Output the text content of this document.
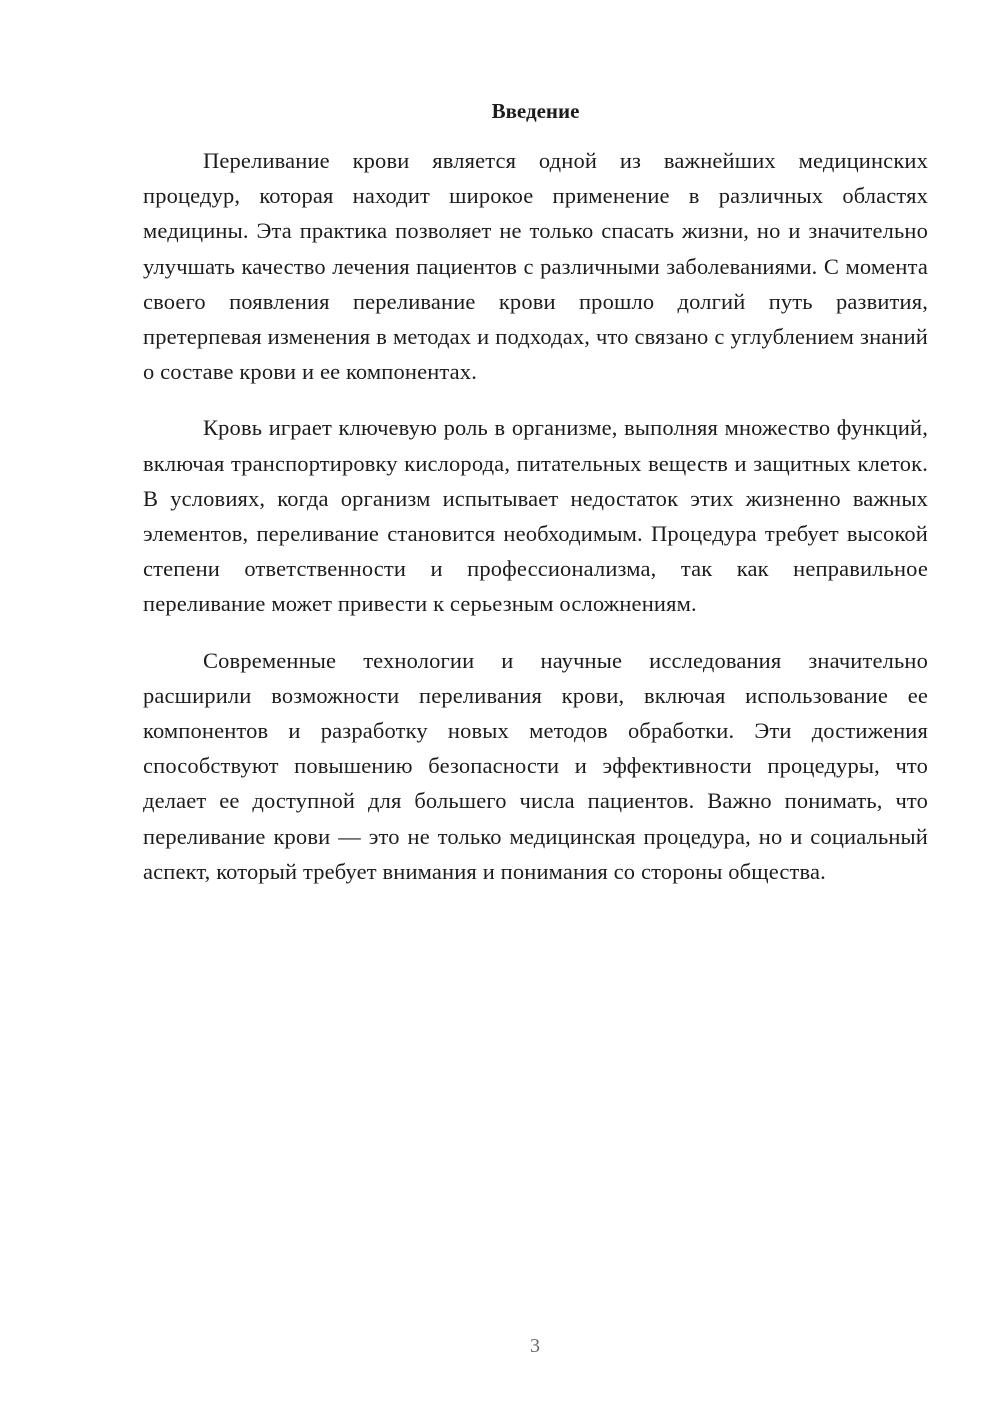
Введение

Переливание крови является одной из важнейших медицинских процедур, которая находит широкое применение в различных областях медицины. Эта практика позволяет не только спасать жизни, но и значительно улучшать качество лечения пациентов с различными заболеваниями. С момента своего появления переливание крови прошло долгий путь развития, претерпевая изменения в методах и подходах, что связано с углублением знаний о составе крови и ее компонентах.

Кровь играет ключевую роль в организме, выполняя множество функций, включая транспортировку кислорода, питательных веществ и защитных клеток. В условиях, когда организм испытывает недостаток этих жизненно важных элементов, переливание становится необходимым. Процедура требует высокой степени ответственности и профессионализма, так как неправильное переливание может привести к серьезным осложнениям.

Современные технологии и научные исследования значительно расширили возможности переливания крови, включая использование ее компонентов и разработку новых методов обработки. Эти достижения способствуют повышению безопасности и эффективности процедуры, что делает ее доступной для большего числа пациентов. Важно понимать, что переливание крови — это не только медицинская процедура, но и социальный аспект, который требует внимания и понимания со стороны общества.

3
